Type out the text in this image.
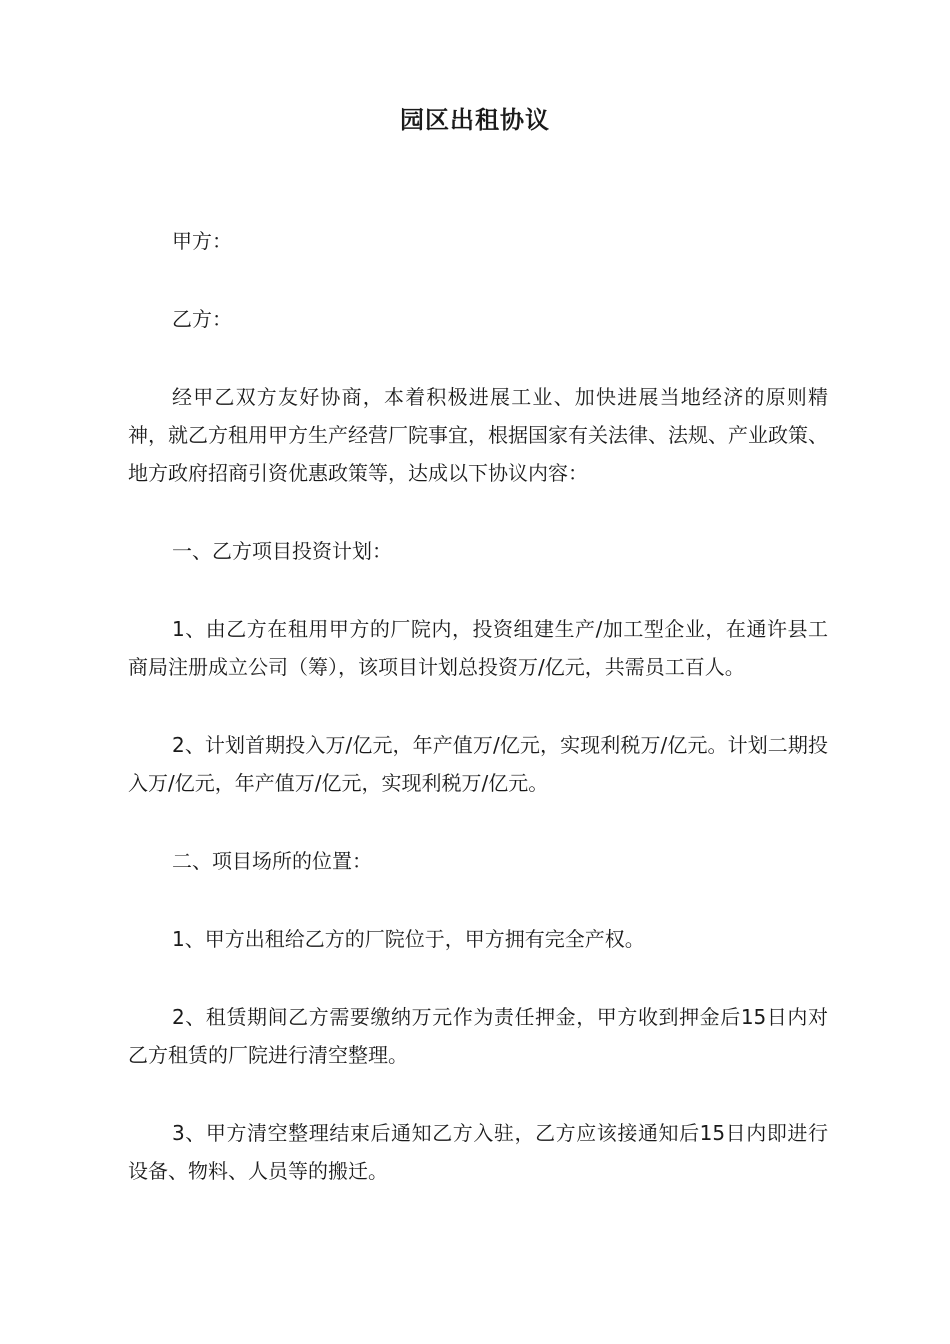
园区出租协议

甲方：

乙方：

经甲乙双方友好协商，本着积极进展工业、加快进展当地经济的原则精神，就乙方租用甲方生产经营厂院事宜，根据国家有关法律、法规、产业政策、地方政府招商引资优惠政策等，达成以下协议内容：

一、乙方项目投资计划：

1、由乙方在租用甲方的厂院内，投资组建生产/加工型企业，在通许县工商局注册成立公司（筹），该项目计划总投资万/亿元，共需员工百人。

2、计划首期投入万/亿元，年产值万/亿元，实现利税万/亿元。计划二期投入万/亿元，年产值万/亿元，实现利税万/亿元。

二、项目场所的位置：

1、甲方出租给乙方的厂院位于，甲方拥有完全产权。

2、租赁期间乙方需要缴纳万元作为责任押金，甲方收到押金后15日内对乙方租赁的厂院进行清空整理。

3、甲方清空整理结束后通知乙方入驻，乙方应该接通知后15日内即进行设备、物料、人员等的搬迁。
